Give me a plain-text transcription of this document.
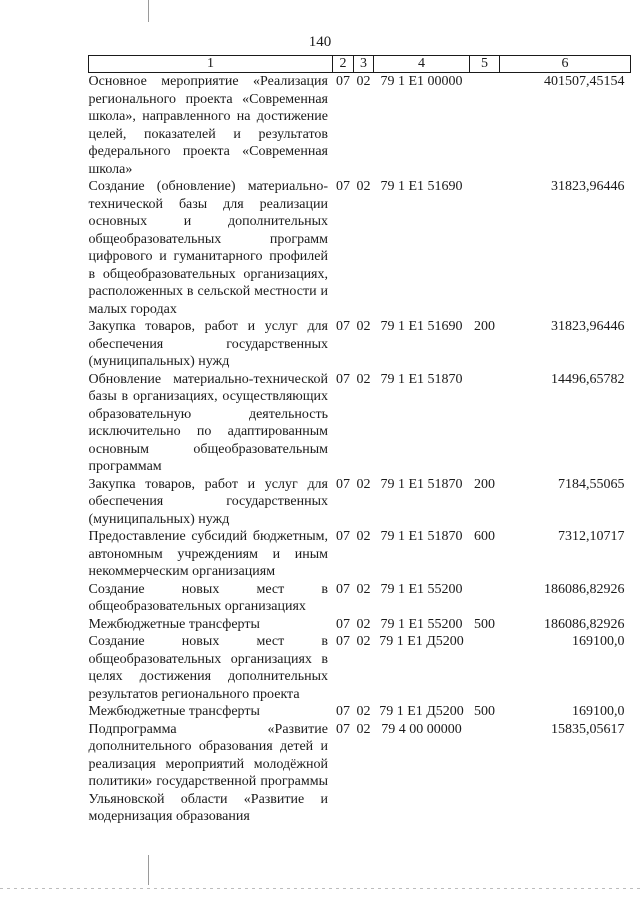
140
1	2	3	4	5	6
Основное мероприятие «Реализация регионального проекта «Современная школа», направленного на достижение целей, показателей и результатов федерального проекта «Современная школа»	07	02	79 1 E1 00000		401507,45154
Создание (обновление) материально-технической базы для реализации основных и дополнительных общеобразовательных программ цифрового и гуманитарного профилей в общеобразовательных организациях, расположенных в сельской местности и малых городах	07	02	79 1 E1 51690		31823,96446
Закупка товаров, работ и услуг для обеспечения государственных (муниципальных) нужд	07	02	79 1 E1 51690	200	31823,96446
Обновление материально-технической базы в организациях, осуществляющих образовательную деятельность исключительно по адаптированным основным общеобразовательным программам	07	02	79 1 E1 51870		14496,65782
Закупка товаров, работ и услуг для обеспечения государственных (муниципальных) нужд	07	02	79 1 E1 51870	200	7184,55065
Предоставление субсидий бюджетным, автономным учреждениям и иным некоммерческим организациям	07	02	79 1 E1 51870	600	7312,10717
Создание новых мест в общеобразовательных организациях	07	02	79 1 E1 55200		186086,82926
Межбюджетные трансферты	07	02	79 1 E1 55200	500	186086,82926
Создание новых мест в общеобразовательных организациях в целях достижения дополнительных результатов регионального проекта	07	02	79 1 E1 Д5200		169100,0
Межбюджетные трансферты	07	02	79 1 E1 Д5200	500	169100,0
Подпрограмма «Развитие дополнительного образования детей и реализация мероприятий молодёжной политики» государственной программы Ульяновской области «Развитие и модернизация образования	07	02	79 4 00 00000		15835,05617
